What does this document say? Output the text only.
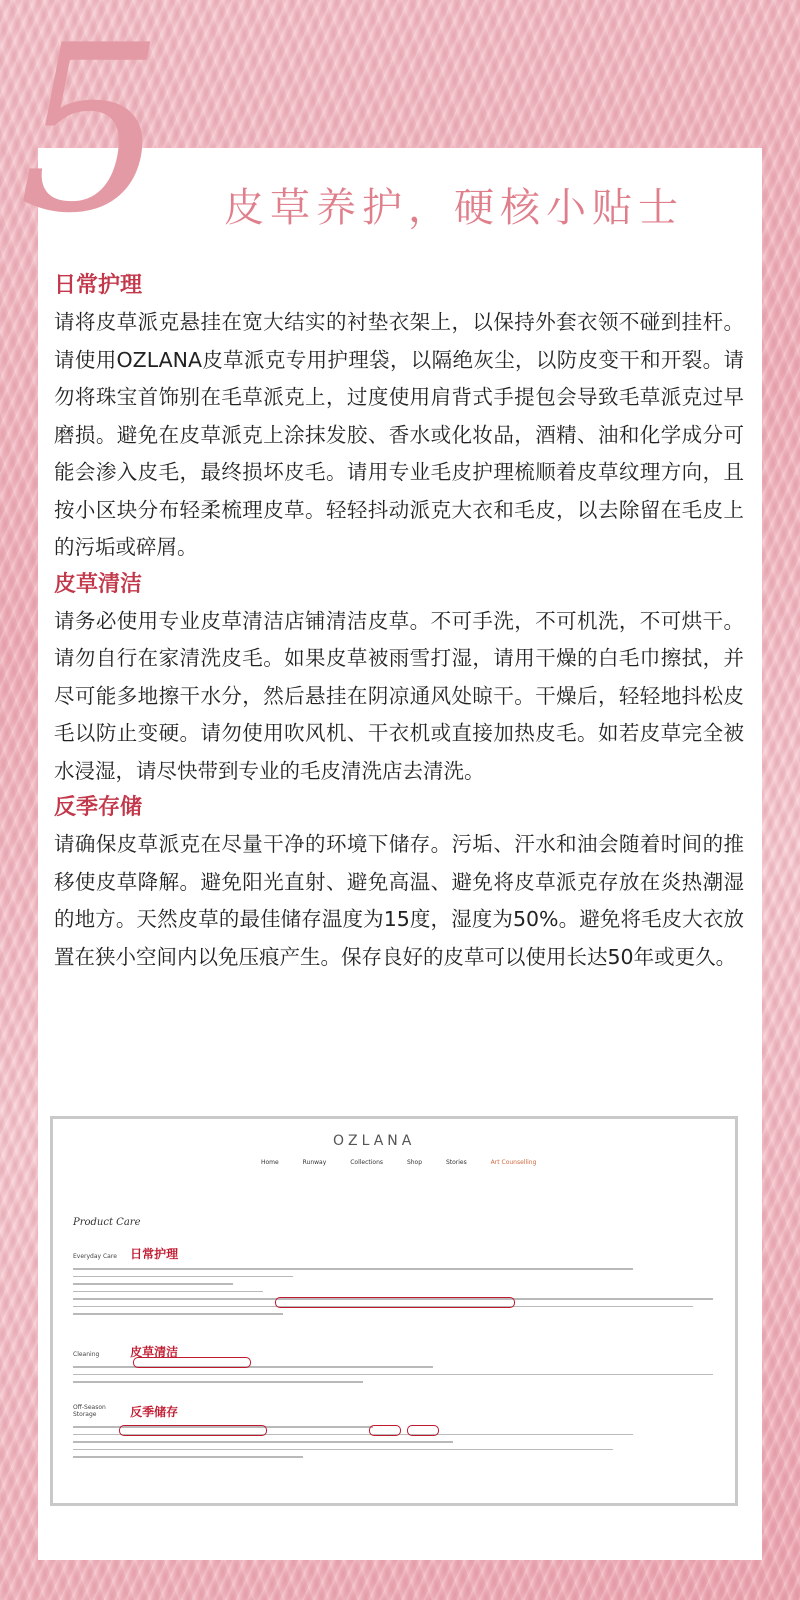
5 皮草养护，硬核小贴士
日常护理
请将皮草派克悬挂在宽大结实的衬垫衣架上，以保持外套衣领不碰到挂杆。请使用OZLANA皮草派克专用护理袋，以隔绝灰尘，以防皮变干和开裂。请勿将珠宝首饰别在毛草派克上，过度使用肩背式手提包会导致毛草派克过早磨损。避免在皮草派克上涂抹发胶、香水或化妆品，酒精、油和化学成分可能会渗入皮毛，最终损坏皮毛。请用专业毛皮护理梳顺着皮草纹理方向，且按小区块分布轻柔梳理皮草。轻轻抖动派克大衣和毛皮，以去除留在毛皮上的污垢或碎屑。
皮草清洁
请务必使用专业皮草清洁店铺清洁皮草。不可手洗，不可机洗，不可烘干。请勿自行在家清洗皮毛。如果皮草被雨雪打湿，请用干燥的白毛巾擦拭，并尽可能多地擦干水分，然后悬挂在阴凉通风处晾干。干燥后，轻轻地抖松皮毛以防止变硬。请勿使用吹风机、干衣机或直接加热皮毛。如若皮草完全被水浸湿，请尽快带到专业的毛皮清洗店去清洗。
反季存储
请确保皮草派克在尽量干净的环境下储存。污垢、汗水和油会随着时间的推移使皮草降解。避免阳光直射、避免高温、避免将皮草派克存放在炎热潮湿的地方。天然皮草的最佳储存温度为15度，湿度为50%。避免将毛皮大衣放置在狭小空间内以免压痕产生。保存良好的皮草可以使用长达50年或更久。
OZLANA
Home	Runway	Collections	Shop	Stories	Art Counselling
Product Care
Everyday Care 日常护理
Cleaning	皮草清洁
Off-Season Storage	反季储存
